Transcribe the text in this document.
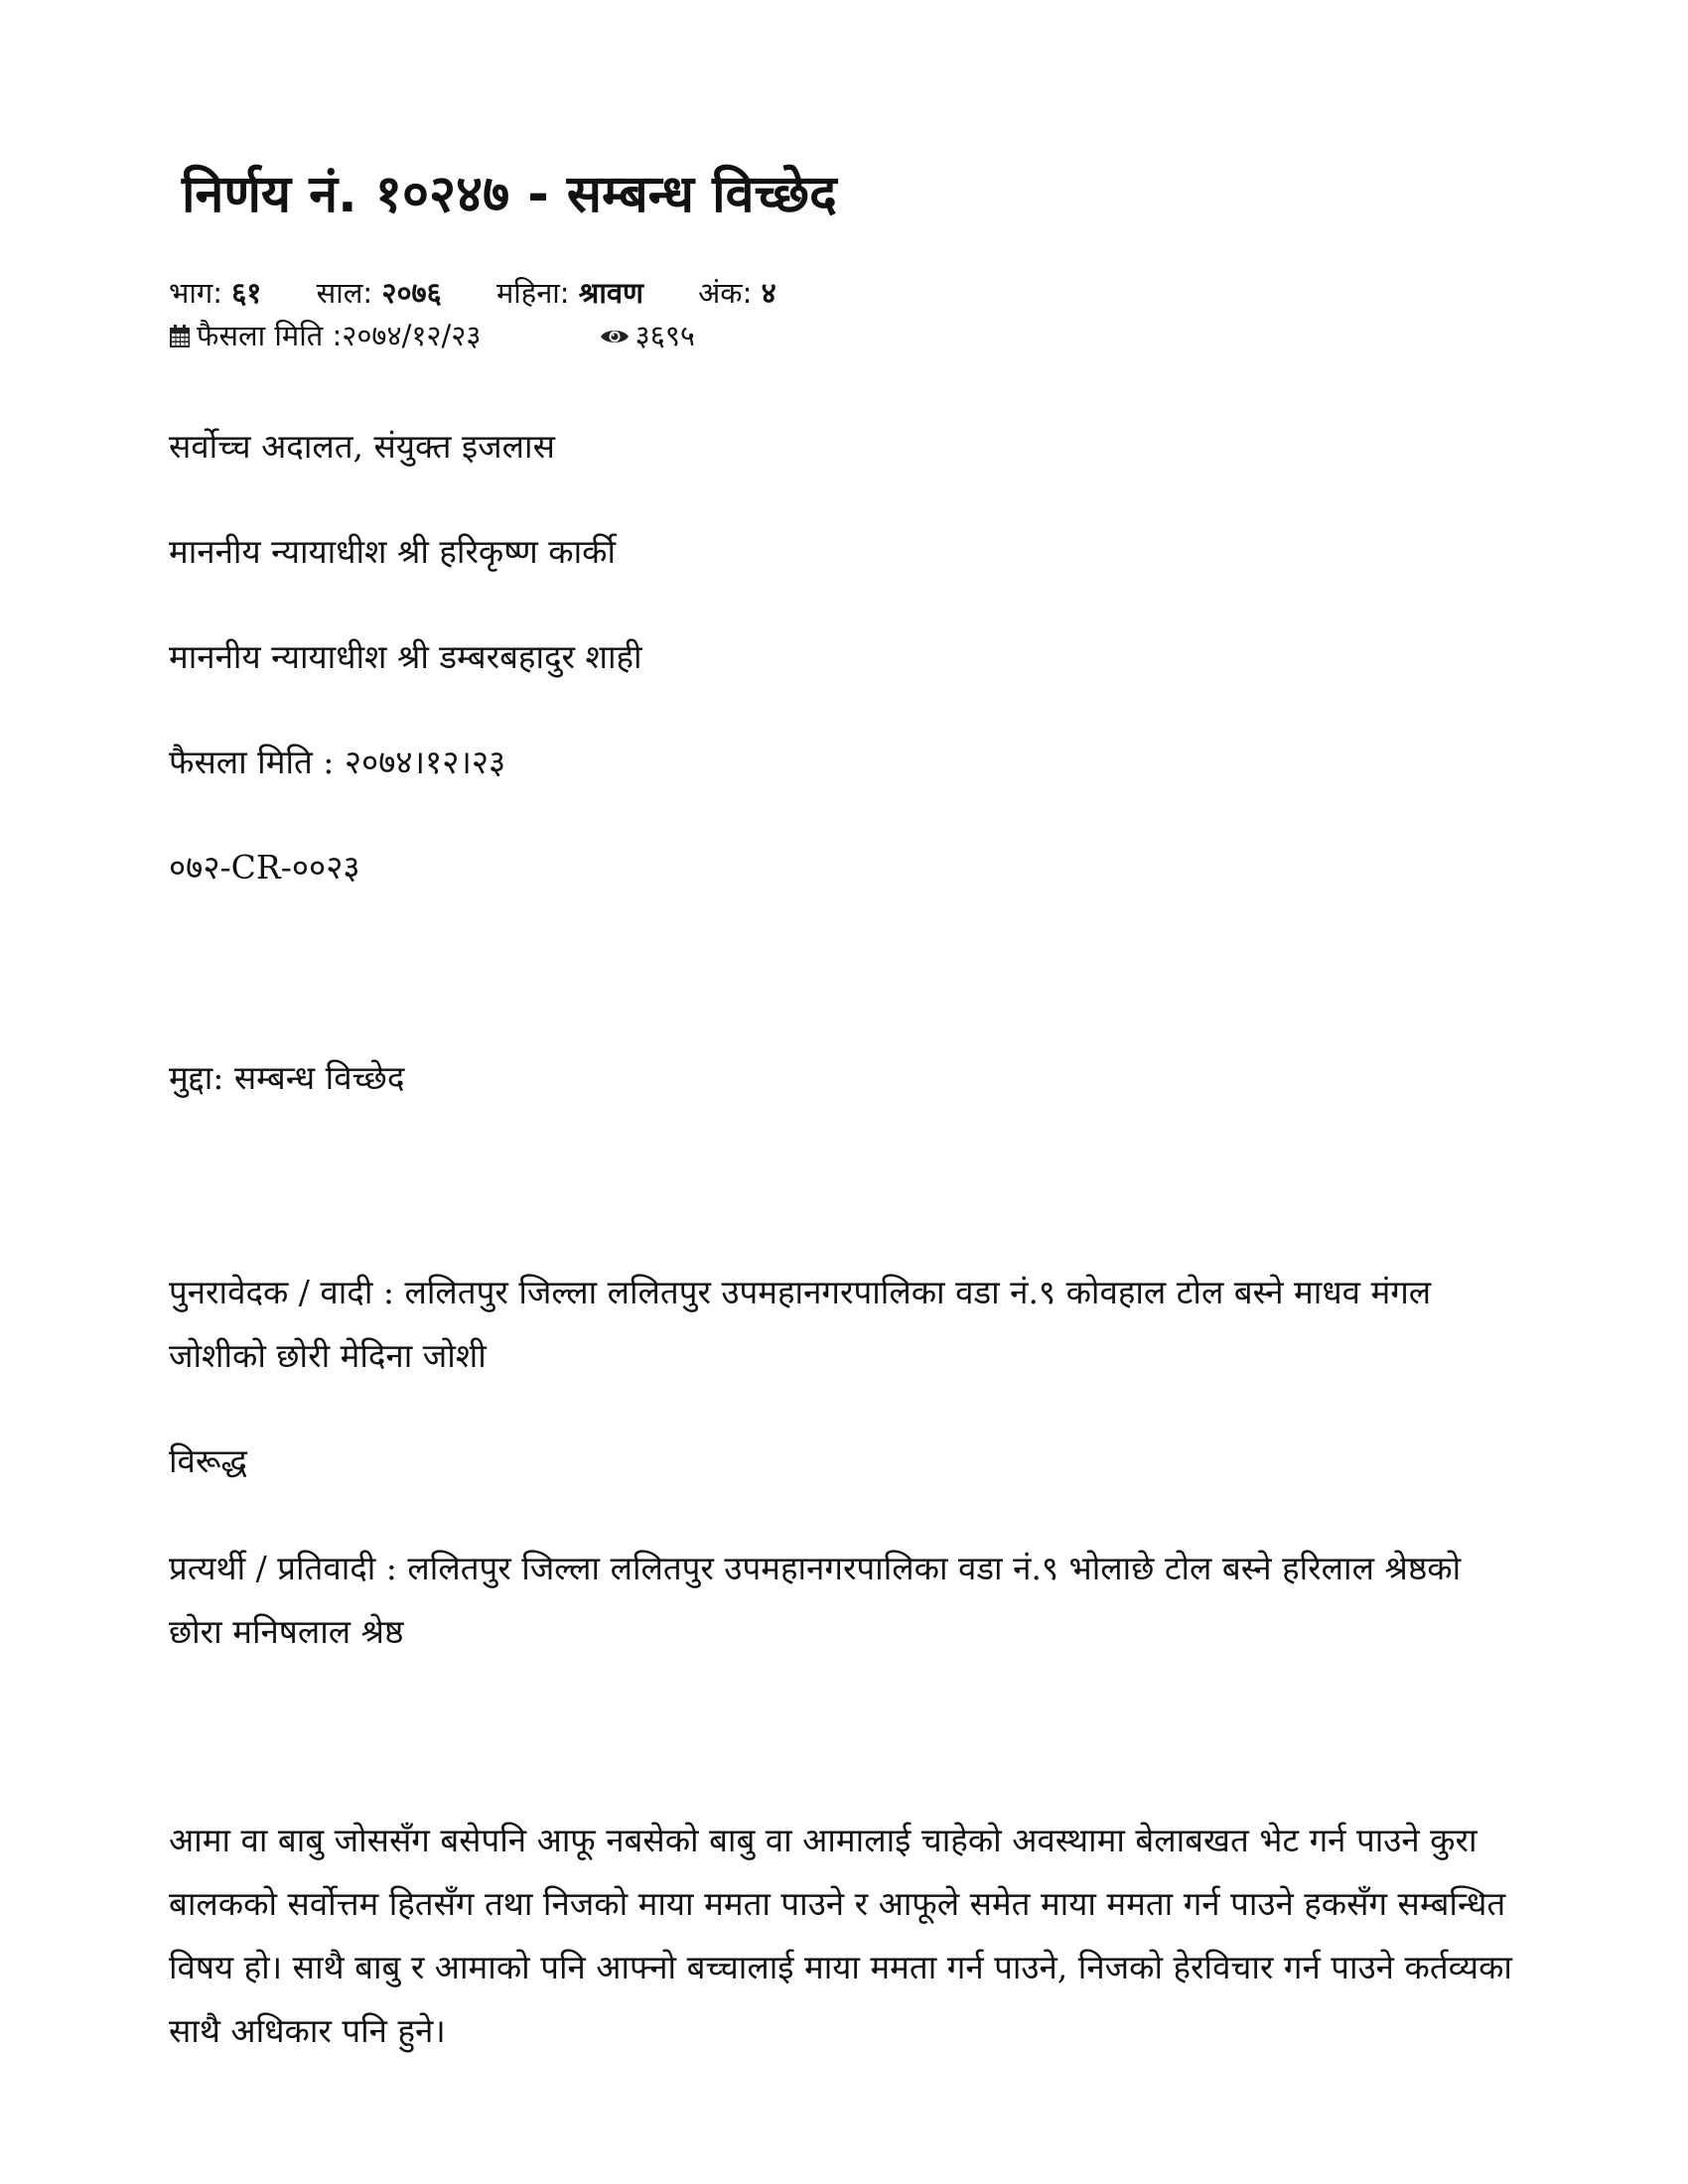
निर्णय नं. १०२४७ - सम्बन्ध विच्छेद
भाग: ६१ साल: २०७६ महिना: श्रावण अंक: ४
फैसला मिति :२०७४/१२/२३	३६९५

सर्वोच्च अदालत, संयुक्त इजलास

माननीय न्यायाधीश श्री हरिकृष्ण कार्की

माननीय न्यायाधीश श्री डम्बरबहादुर शाही

फैसला मिति : २०७४।१२।२३

०७२-CR-००२३

मुद्दा: सम्बन्ध विच्छेद

पुनरावेदक / वादी : ललितपुर जिल्ला ललितपुर उपमहानगरपालिका वडा नं.९ कोवहाल टोल बस्ने माधव मंगल जोशीको छोरी मेदिना जोशी

विरूद्ध

प्रत्यर्थी / प्रतिवादी : ललितपुर जिल्ला ललितपुर उपमहानगरपालिका वडा नं.९ भोलाछे टोल बस्ने हरिलाल श्रेष्ठको छोरा मनिषलाल श्रेष्ठ

आमा वा बाबु जोससँग बसेपनि आफू नबसेको बाबु वा आमालाई चाहेको अवस्थामा बेलाबखत भेट गर्न पाउने कुरा बालकको सर्वोत्तम हितसँग तथा निजको माया ममता पाउने र आफूले समेत माया ममता गर्न पाउने हकसँग सम्बन्धित विषय हो। साथै बाबु र आमाको पनि आफ्नो बच्चालाई माया ममता गर्न पाउने, निजको हेरविचार गर्न पाउने कर्तव्यका साथै अधिकार पनि हुने।
